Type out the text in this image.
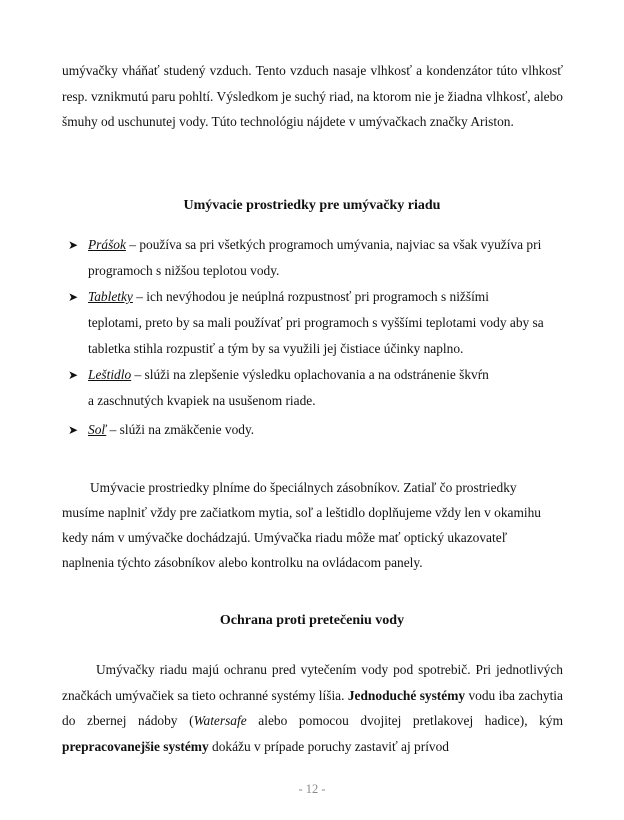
umývačky vháňať studený vzduch. Tento vzduch nasaje vlhkosť a kondenzátor túto vlhkosť resp. vznikmutú paru pohltí. Výsledkom je suchý riad, na ktorom nie je žiadna vlhkosť, alebo šmuhy od uschunutej vody. Túto technológiu nájdete v umývačkach značky Ariston.

Umývacie prostriedky pre umývačky riadu

➤ Prášok – používa sa pri všetkých programoch umývania, najviac sa však využíva pri
programoch s nižšou teplotou vody.
➤ Tabletky – ich nevýhodou je neúplná rozpustnosť pri programoch s nižšími
teplotami, preto by sa mali používať pri programoch s vyššími teplotami vody aby sa
tabletka stihla rozpustiť a tým by sa využili jej čistiace účinky naplno.
➤ Leštidlo – slúži na zlepšenie výsledku oplachovania a na odstránenie škvŕn
a zaschnutých kvapiek na usušenom riade.
➤ Soľ – slúži na zmäkčenie vody.
Umývacie prostriedky plníme do špeciálnych zásobníkov. Zatiaľ čo prostriedky
musíme naplniť vždy pre začiatkom mytia, soľ a leštidlo doplňujeme vždy len v okamihu
kedy nám v umývačke dochádzajú. Umývačka riadu môže mať optický ukazovateľ
naplnenia týchto zásobníkov alebo kontrolku na ovládacom panely.

Ochrana proti pretečeniu vody

Umývačky riadu majú ochranu pred vytečením vody pod spotrebič. Pri jednotlivých značkách umývačiek sa tieto ochranné systémy líšia. Jednoduché systémy vodu iba zachytia do zbernej nádoby (Watersafe alebo pomocou dvojitej pretlakovej hadice), kým prepracovanejšie systémy dokážu v prípade poruchy zastaviť aj prívod

- 12 -
